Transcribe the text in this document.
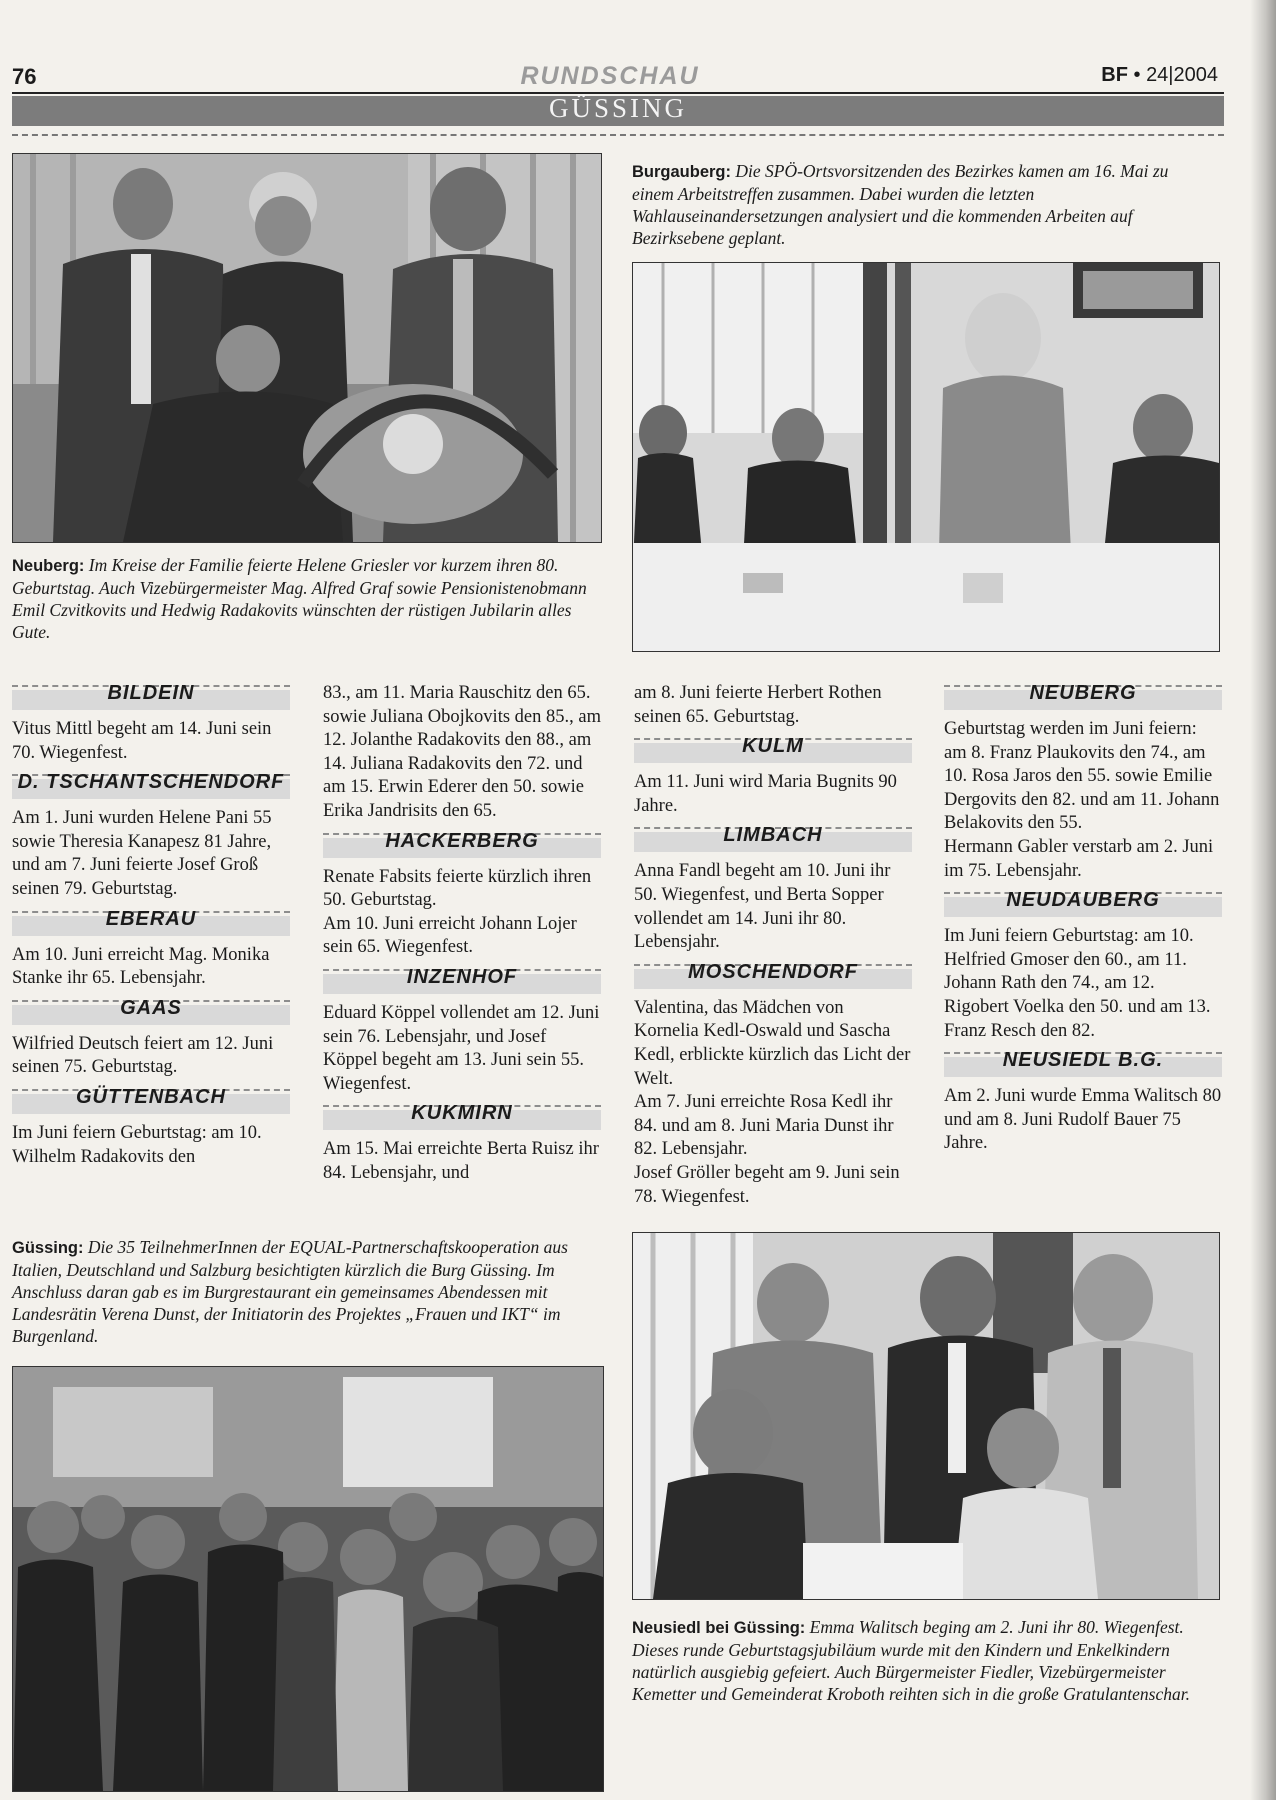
76	RUNDSCHAU	BF • 24|2004
GÜSSING
Neuberg: Im Kreise der Familie feierte Helene Griesler vor kurzem ihren 80. Geburtstag. Auch Vizebürgermeister Mag. Alfred Graf sowie Pensionistenobmann Emil Czvitkovits und Hedwig Radakovits wünschten der rüstigen Jubilarin alles Gute.
Burgauberg: Die SPÖ-Ortsvorsitzenden des Bezirkes kamen am 16. Mai zu einem Arbeitstreffen zusammen. Dabei wurden die letzten Wahlauseinandersetzungen analysiert und die kommenden Arbeiten auf Bezirksebene geplant.
BILDEIN

Vitus Mittl begeht am 14. Juni sein 70. Wiegenfest.

D. TSCHANTSCHENDORF

Am 1. Juni wurden Helene Pani 55 sowie Theresia Kanapesz 81 Jahre, und am 7. Juni feierte Josef Groß seinen 79. Geburtstag.

EBERAU

Am 10. Juni erreicht Mag. Monika Stanke ihr 65. Lebensjahr.

GAAS

Wilfried Deutsch feiert am 12. Juni seinen 75. Geburtstag.

GÜTTENBACH

Im Juni feiern Geburtstag: am 10. Wilhelm Radakovits den

83., am 11. Maria Rauschitz den 65. sowie Juliana Obojkovits den 85., am 12. Jolanthe Radakovits den 88., am 14. Juliana Radakovits den 72. und am 15. Erwin Ederer den 50. sowie Erika Jandrisits den 65.

HACKERBERG

Renate Fabsits feierte kürzlich ihren 50. Geburtstag.

Am 10. Juni erreicht Johann Lojer sein 65. Wiegenfest.

INZENHOF

Eduard Köppel vollendet am 12. Juni sein 76. Lebensjahr, und Josef Köppel begeht am 13. Juni sein 55. Wiegenfest.

KUKMIRN

Am 15. Mai erreichte Berta Ruisz ihr 84. Lebensjahr, und

am 8. Juni feierte Herbert Rothen seinen 65. Geburtstag.

KULM

Am 11. Juni wird Maria Bugnits 90 Jahre.

LIMBACH

Anna Fandl begeht am 10. Juni ihr 50. Wiegenfest, und Berta Sopper vollendet am 14. Juni ihr 80. Lebensjahr.

MOSCHENDORF

Valentina, das Mädchen von Kornelia Kedl-Oswald und Sascha Kedl, erblickte kürzlich das Licht der Welt.

Am 7. Juni erreichte Rosa Kedl ihr 84. und am 8. Juni Maria Dunst ihr 82. Lebensjahr.

Josef Gröller begeht am 9. Juni sein 78. Wiegenfest.

NEUBERG

Geburtstag werden im Juni feiern: am 8. Franz Plaukovits den 74., am 10. Rosa Jaros den 55. sowie Emilie Dergovits den 82. und am 11. Johann Belakovits den 55.

Hermann Gabler verstarb am 2. Juni im 75. Lebensjahr.

NEUDAUBERG

Im Juni feiern Geburtstag: am 10. Helfried Gmoser den 60., am 11. Johann Rath den 74., am 12. Rigobert Voelka den 50. und am 13. Franz Resch den 82.

NEUSIEDL B.G.

Am 2. Juni wurde Emma Walitsch 80 und am 8. Juni Rudolf Bauer 75 Jahre.

Güssing: Die 35 TeilnehmerInnen der EQUAL-Partnerschaftskooperation aus Italien, Deutschland und Salzburg besichtigten kürzlich die Burg Güssing. Im Anschluss daran gab es im Burgrestaurant ein gemeinsames Abendessen mit Landesrätin Verena Dunst, der Initiatorin des Projektes „Frauen und IKT“ im Burgenland.
Neusiedl bei Güssing: Emma Walitsch beging am 2. Juni ihr 80. Wiegenfest. Dieses runde Geburtstagsjubiläum wurde mit den Kindern und Enkelkindern natürlich ausgiebig gefeiert. Auch Bürgermeister Fiedler, Vizebürgermeister Kemetter und Gemeinderat Kroboth reihten sich in die große Gratulantenschar.
